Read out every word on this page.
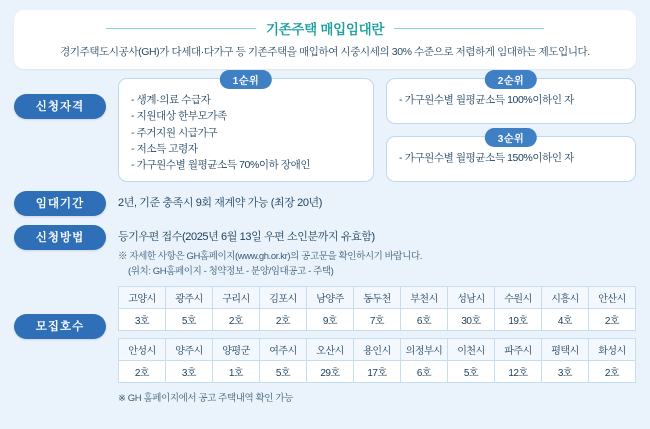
기존주택 매입임대란
경기주택도시공사(GH)가 다세대·다가구 등 기존주택을 매입하여 시중시세의 30% 수준으로 저렴하게 임대하는 제도입니다.
신청자격
1순위
- 생계·의료 수급자
- 지원대상 한부모가족
- 주거지원 시급가구
- 저소득 고령자
- 가구원수별 월평균소득 70%이하 장애인
2순위
- 가구원수별 월평균소득 100%이하인 자
3순위
- 가구원수별 월평균소득 150%이하인 자
임대기간	2년, 기준 충족시 9회 재계약 가능 (최장 20년)
신청방법	등기우편 접수(2025년 6월 13일 우편 소인분까지 유효함)
※ 자세한 사항은 GH홈페이지(www.gh.or.kr)의 공고문을 확인하시기 바랍니다.
(위치: GH홈페이지 - 청약정보 - 분양/임대공고 - 주택)
모집호수
고양시	광주시	구리시	김포시	남양주	동두천	부천시	성남시	수원시	시흥시	안산시
3호	5호	2호	2호	9호	7호	6호	30호	19호	4호	2호
안성시	양주시	양평군	여주시	오산시	용인시	의정부시	이천시	파주시	평택시	화성시
2호	3호	1호	5호	29호	17호	6호	5호	12호	3호	2호
※ GH 홈페이지에서 공고 주택내역 확인 가능
